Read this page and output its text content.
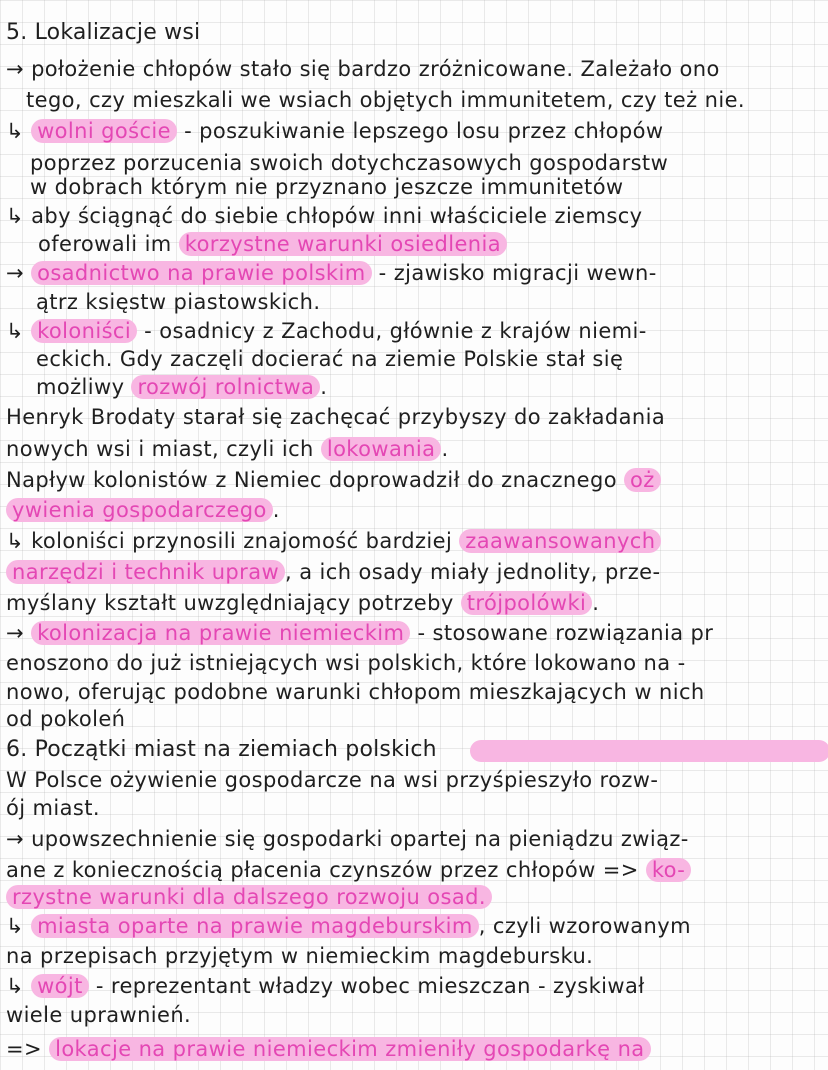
5. Lokalizacje wsi
→ położenie chłopów stało się bardzo zróżnicowane. Zależało ono
tego, czy mieszkali we wsiach objętych immunitetem, czy też nie.
↳ wolni goście - poszukiwanie lepszego losu przez chłopów
poprzez porzucenia swoich dotychczasowych gospodarstw
w dobrach którym nie przyznano jeszcze immunitetów
↳ aby ściągnąć do siebie chłopów inni właściciele ziemscy
oferowali im korzystne warunki osiedlenia
→ osadnictwo na prawie polskim - zjawisko migracji wewn-
ątrz księstw piastowskich.
↳ koloniści - osadnicy z Zachodu, głównie z krajów niemi-
eckich. Gdy zaczęli docierać na ziemie Polskie stał się
możliwy rozwój rolnictwa .
Henryk Brodaty starał się zachęcać przybyszy do zakładania
nowych wsi i miast, czyli ich lokowania .
Napływ kolonistów z Niemiec doprowadził do znacznego oż
ywienia gospodarczego .
↳ koloniści przynosili znajomość bardziej zaawansowanych
narzędzi i technik upraw , a ich osady miały jednolity, prze-
myślany kształt uwzględniający potrzeby trójpolówki .
→ kolonizacja na prawie niemieckim - stosowane rozwiązania pr
enoszono do już istniejących wsi polskich, które lokowano na -
nowo, oferując podobne warunki chłopom mieszkających w nich
od pokoleń
6. Początki miast na ziemiach polskich
W Polsce ożywienie gospodarcze na wsi przyśpieszyło rozw-
ój miast.
→ upowszechnienie się gospodarki opartej na pieniądzu związ-
ane z koniecznością płacenia czynszów przez chłopów => ko-
rzystne warunki dla dalszego rozwoju osad.
↳ miasta oparte na prawie magdeburskim , czyli wzorowanym
na przepisach przyjętym w niemieckim magdebursku.
↳ wójt - reprezentant władzy wobec mieszczan - zyskiwał
wiele uprawnień.
=> lokacje na prawie niemieckim zmieniły gospodarkę na
